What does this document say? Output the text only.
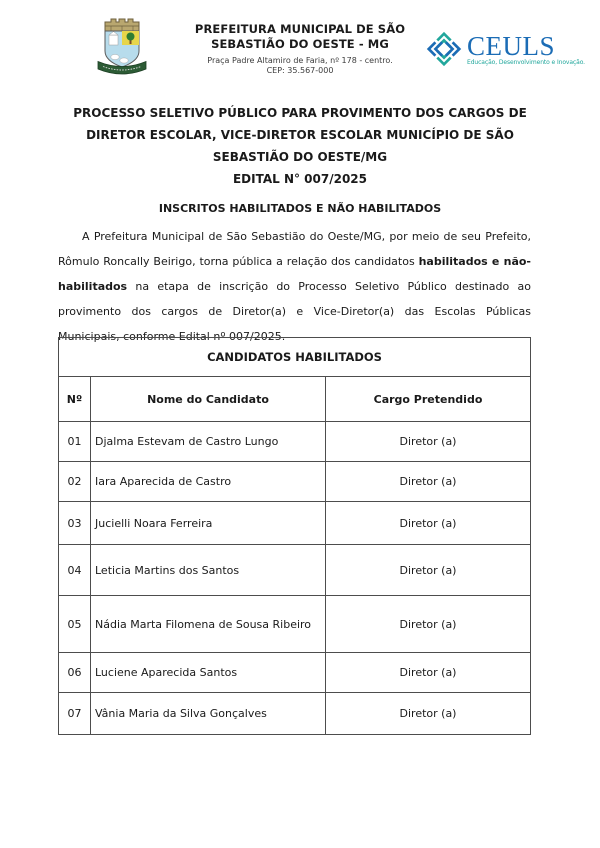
PREFEITURA MUNICIPAL DE SÃO
SEBASTIÃO DO OESTE - MG
Praça Padre Altamiro de Faria, nº 178 - centro.
CEP: 35.567-000
CEULS
Educação, Desenvolvimento e Inovação.
PROCESSO SELETIVO PÚBLICO PARA PROVIMENTO DOS CARGOS DE
DIRETOR ESCOLAR, VICE-DIRETOR ESCOLAR MUNICÍPIO DE SÃO
SEBASTIÃO DO OESTE/MG
EDITAL N° 007/2025
INSCRITOS HABILITADOS E NÃO HABILITADOS

A Prefeitura Municipal de São Sebastião do Oeste/MG, por meio de seu Prefeito, Rômulo Roncally Beirigo, torna pública a relação dos candidatos habilitados e não-habilitados na etapa de inscrição do Processo Seletivo Público destinado ao provimento dos cargos de Diretor(a) e Vice-Diretor(a) das Escolas Públicas Municipais, conforme Edital nº 007/2025.

CANDIDATOS HABILITADOS		
Nº	Nome do Candidato	Cargo Pretendido
01	Djalma Estevam de Castro Lungo	Diretor (a)
02	Iara Aparecida de Castro	Diretor (a)
03	Jucielli Noara Ferreira	Diretor (a)
04	Leticia Martins dos Santos	Diretor (a)
05	Nádia Marta Filomena de Sousa Ribeiro	Diretor (a)
06	Luciene Aparecida Santos	Diretor (a)
07	Vânia Maria da Silva Gonçalves	Diretor (a)
